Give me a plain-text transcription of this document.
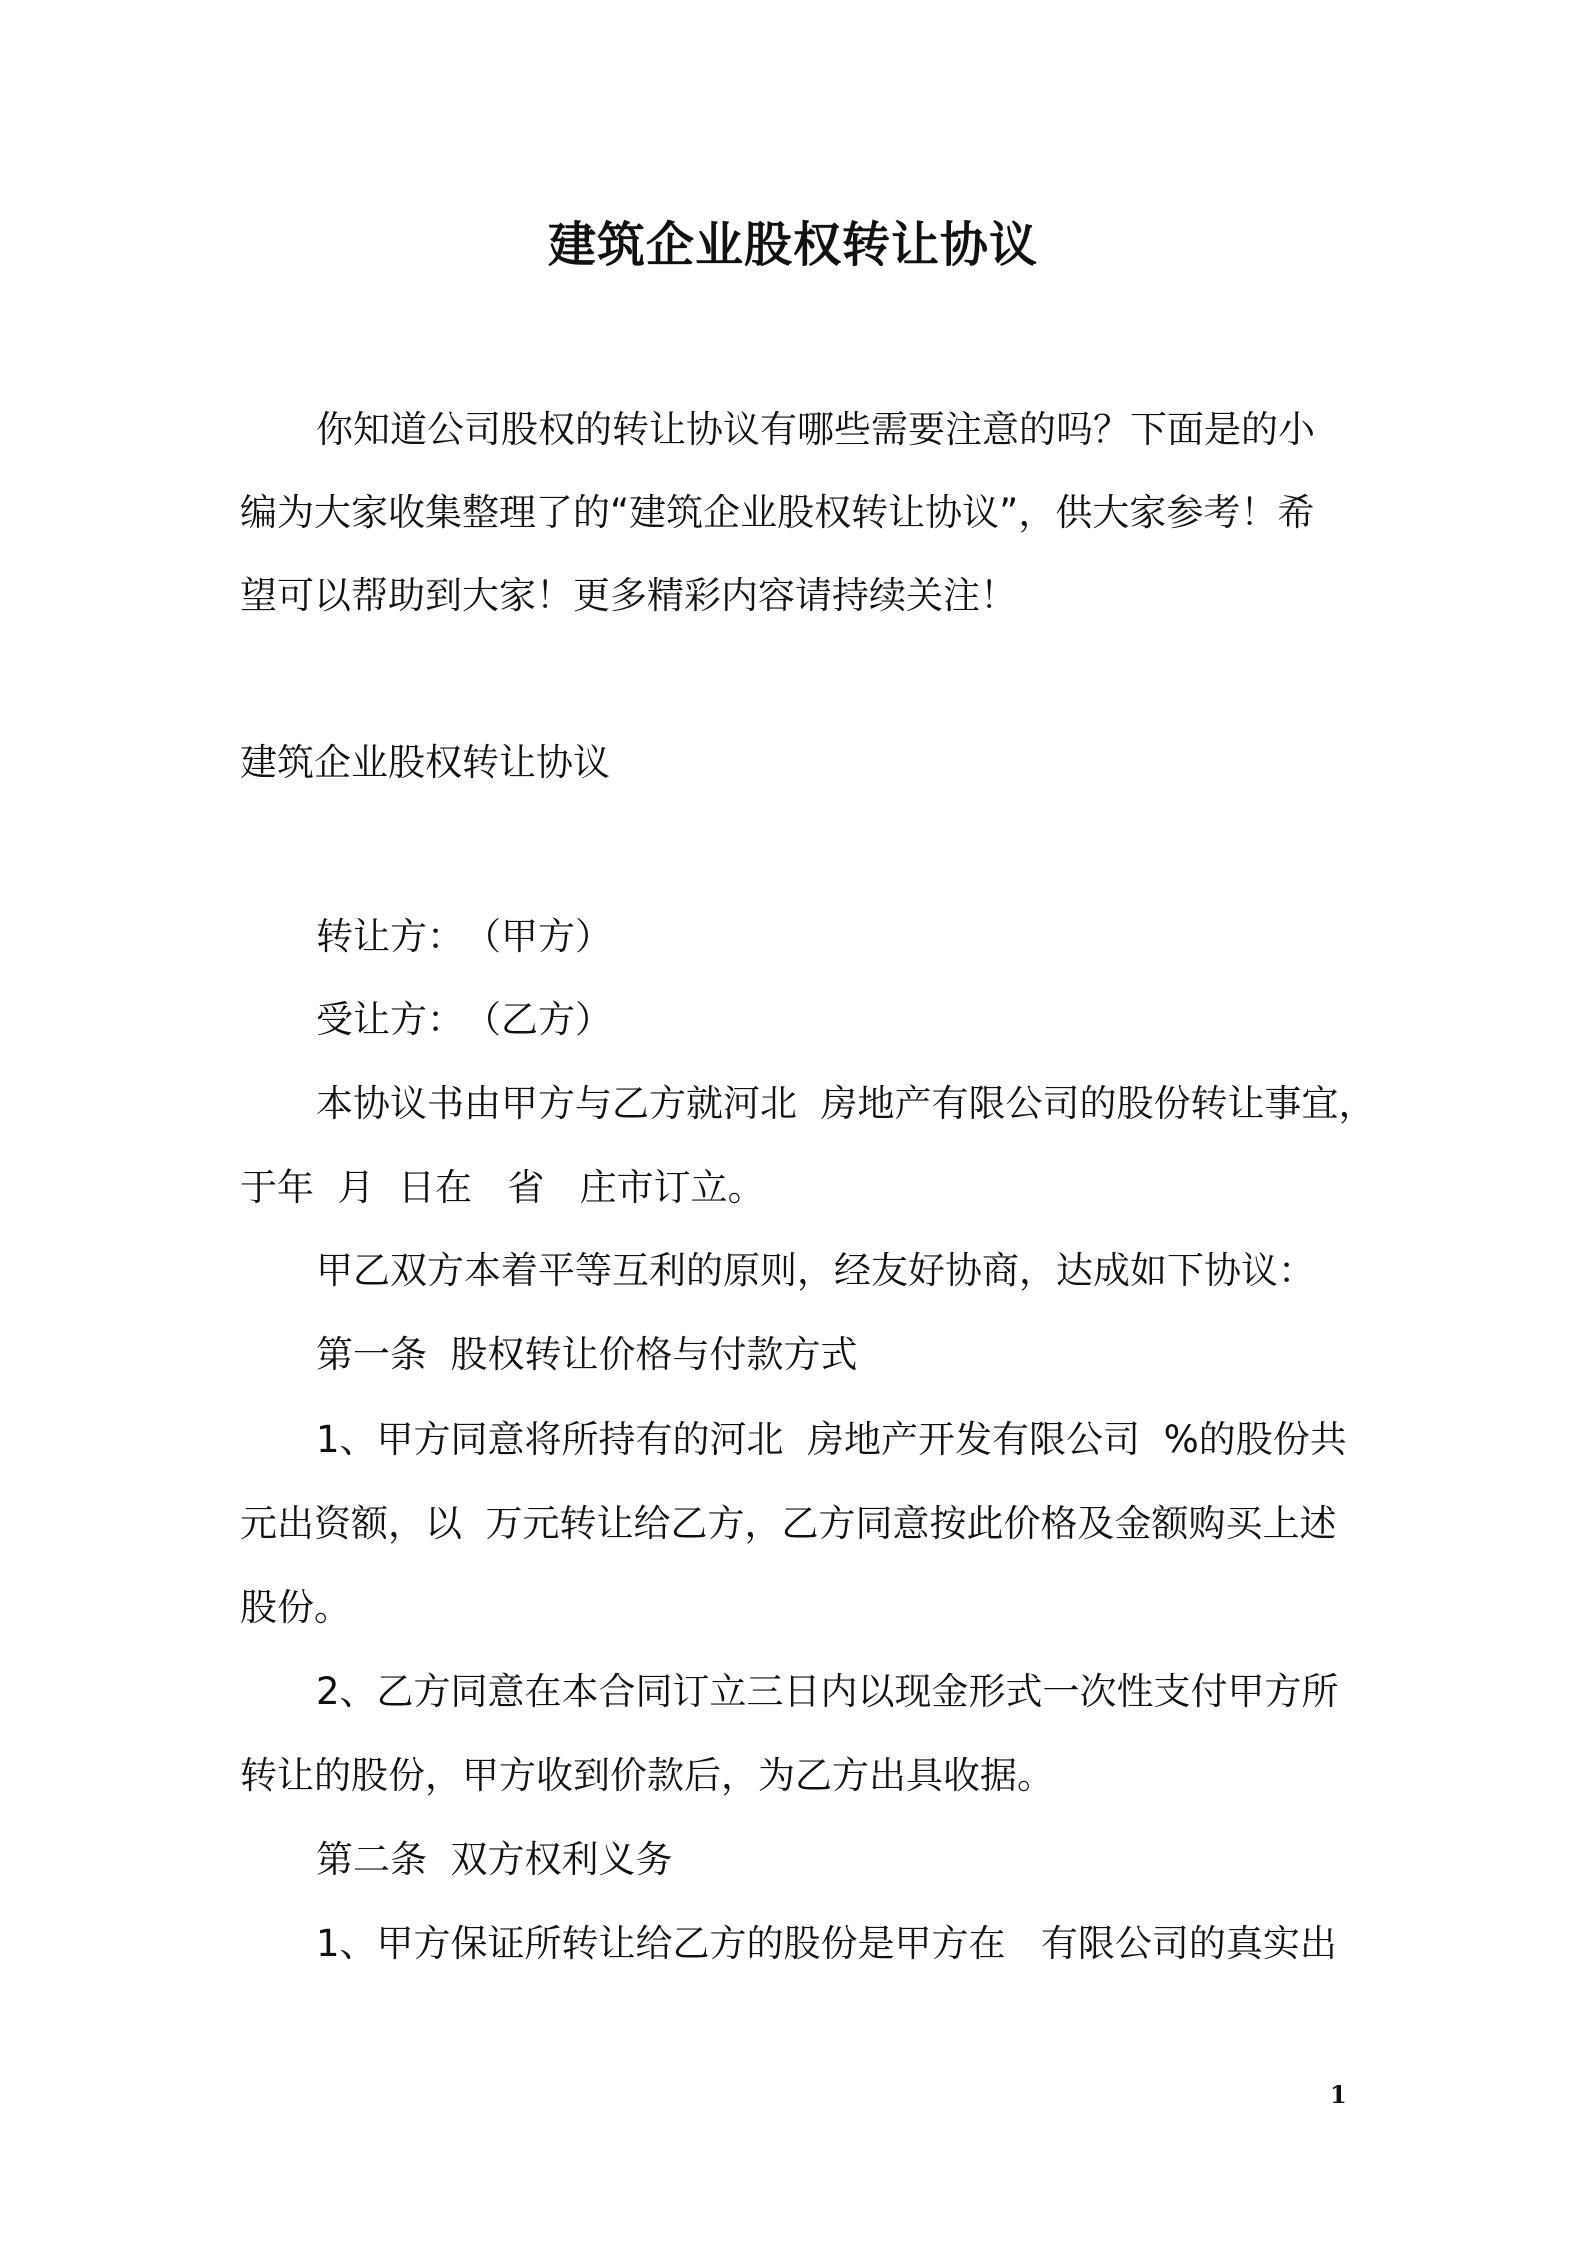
建筑企业股权转让协议
你知道公司股权的转让协议有哪些需要注意的吗？下面是的小
编为大家收集整理了的“建筑企业股权转让协议”，供大家参考！希
望可以帮助到大家！更多精彩内容请持续关注！
建筑企业股权转让协议
转让方：　（甲方）
受让方：　（乙方）
本协议书由甲方与乙方就河北  房地产有限公司的股份转让事宜，
于年  月  日在   省   庄市订立。
甲乙双方本着平等互利的原则，经友好协商，达成如下协议：
第一条  股权转让价格与付款方式
1、甲方同意将所持有的河北  房地产开发有限公司  %的股份共
元出资额，以  万元转让给乙方，乙方同意按此价格及金额购买上述
股份。
2、乙方同意在本合同订立三日内以现金形式一次性支付甲方所
转让的股份，甲方收到价款后，为乙方出具收据。
第二条  双方权利义务
1、甲方保证所转让给乙方的股份是甲方在   有限公司的真实出
1
